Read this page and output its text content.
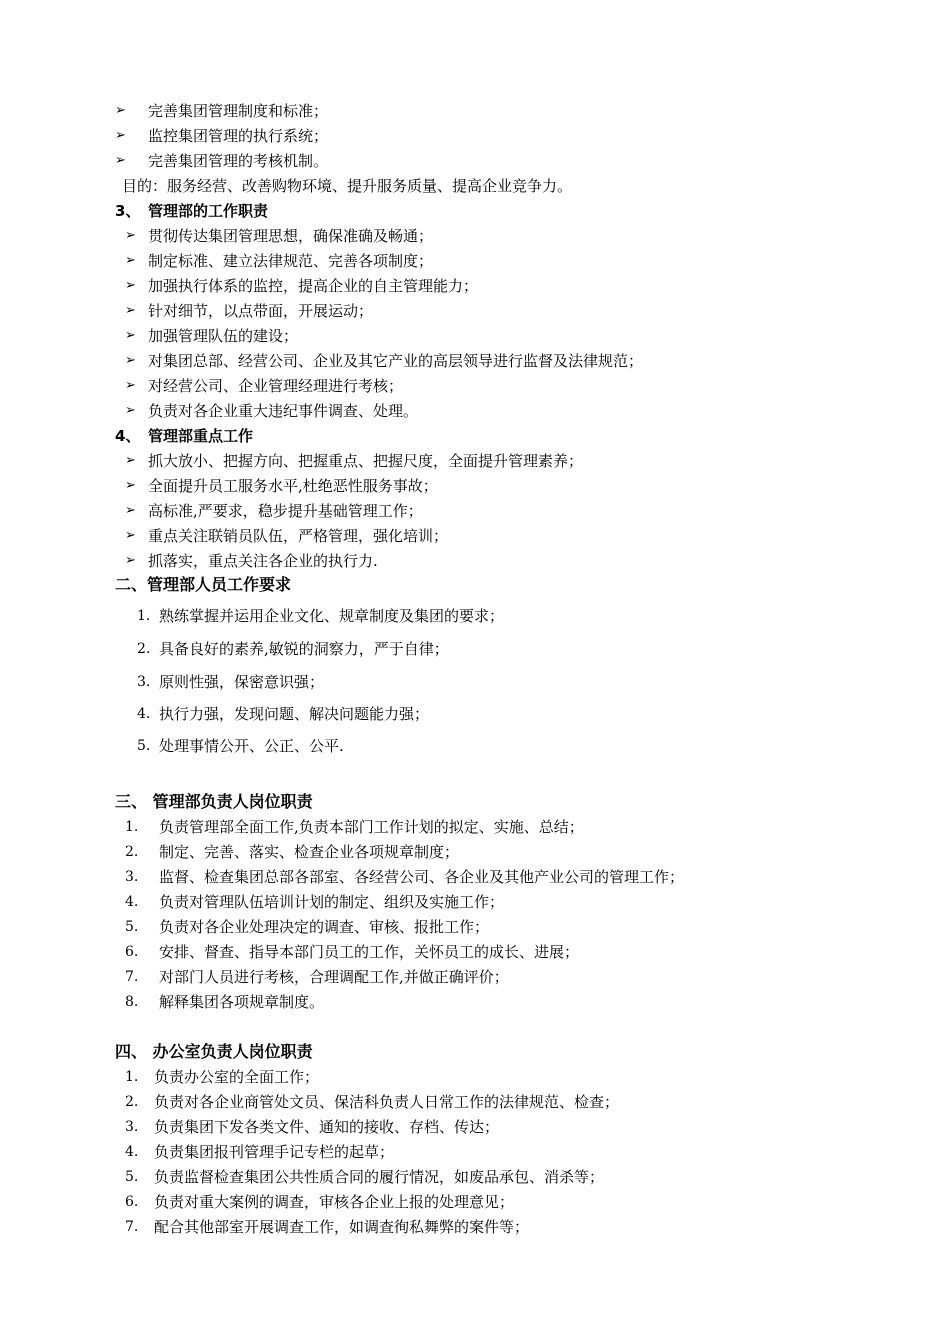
➢ 完善集团管理制度和标准；
➢ 监控集团管理的执行系统；
➢ 完善集团管理的考核机制。
目的：服务经营、改善购物环境、提升服务质量、提高企业竞争力。
3、 管理部的工作职责
➢ 贯彻传达集团管理思想，确保准确及畅通；
➢ 制定标准、建立法律规范、完善各项制度；
➢ 加强执行体系的监控，提高企业的自主管理能力；
➢ 针对细节，以点带面，开展运动；
➢ 加强管理队伍的建设；
➢ 对集团总部、经营公司、企业及其它产业的高层领导进行监督及法律规范；
➢ 对经营公司、企业管理经理进行考核；
➢ 负责对各企业重大违纪事件调查、处理。
4、 管理部重点工作
➢ 抓大放小、把握方向、把握重点、把握尺度，全面提升管理素养；
➢ 全面提升员工服务水平,杜绝恶性服务事故；
➢ 高标准,严要求，稳步提升基础管理工作；
➢ 重点关注联销员队伍，严格管理，强化培训；
➢ 抓落实，重点关注各企业的执行力.
二、管理部人员工作要求
1. 熟练掌握并运用企业文化、规章制度及集团的要求；
2. 具备良好的素养,敏锐的洞察力，严于自律；
3. 原则性强，保密意识强；
4. 执行力强，发现问题、解决问题能力强；
5. 处理事情公开、公正、公平.
三、 管理部负责人岗位职责
1. 负责管理部全面工作,负责本部门工作计划的拟定、实施、总结；
2. 制定、完善、落实、检查企业各项规章制度；
3. 监督、检查集团总部各部室、各经营公司、各企业及其他产业公司的管理工作；
4. 负责对管理队伍培训计划的制定、组织及实施工作；
5. 负责对各企业处理决定的调查、审核、报批工作；
6. 安排、督查、指导本部门员工的工作，关怀员工的成长、进展；
7. 对部门人员进行考核，合理调配工作,并做正确评价；
8. 解释集团各项规章制度。
四、 办公室负责人岗位职责
1. 负责办公室的全面工作；
2. 负责对各企业商管处文员、保洁科负责人日常工作的法律规范、检查；
3. 负责集团下发各类文件、通知的接收、存档、传达；
4. 负责集团报刊管理手记专栏的起草；
5. 负责监督检查集团公共性质合同的履行情况，如废品承包、消杀等；
6. 负责对重大案例的调查，审核各企业上报的处理意见；
7. 配合其他部室开展调查工作，如调查徇私舞弊的案件等；
